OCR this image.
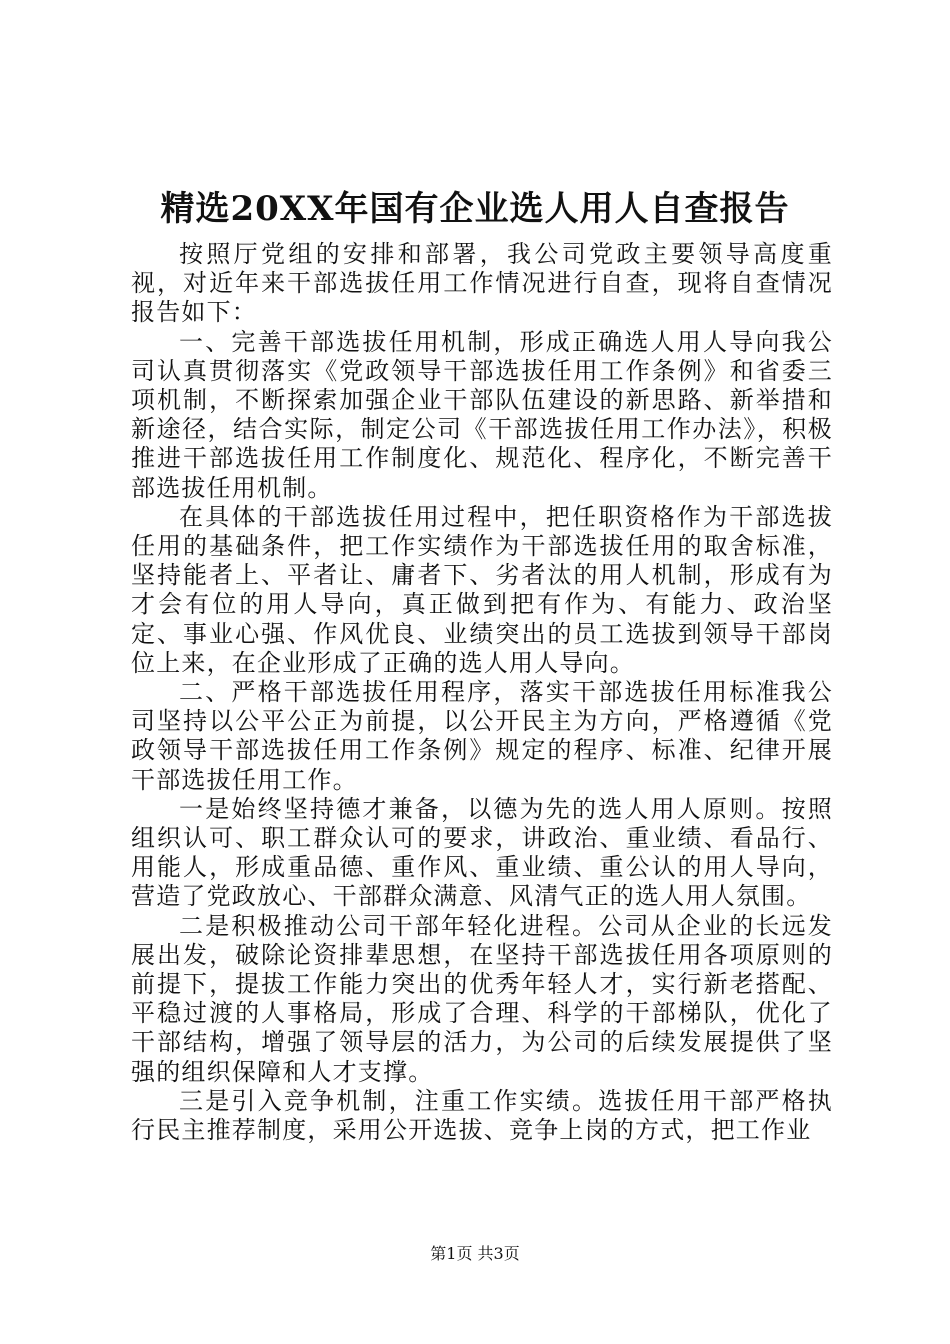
精选20XX年国有企业选人用人自查报告

按照厅党组的安排和部署，我公司党政主要领导高度重视，对近年来干部选拔任用工作情况进行自查，现将自查情况报告如下：

一、完善干部选拔任用机制，形成正确选人用人导向我公司认真贯彻落实《党政领导干部选拔任用工作条例》和省委三项机制，不断探索加强企业干部队伍建设的新思路、新举措和新途径，结合实际，制定公司《干部选拔任用工作办法》，积极推进干部选拔任用工作制度化、规范化、程序化，不断完善干部选拔任用机制。

在具体的干部选拔任用过程中，把任职资格作为干部选拔任用的基础条件，把工作实绩作为干部选拔任用的取舍标准，坚持能者上、平者让、庸者下、劣者汰的用人机制，形成有为才会有位的用人导向，真正做到把有作为、有能力、政治坚定、事业心强、作风优良、业绩突出的员工选拔到领导干部岗位上来，在企业形成了正确的选人用人导向。

二、严格干部选拔任用程序，落实干部选拔任用标准我公司坚持以公平公正为前提，以公开民主为方向，严格遵循《党政领导干部选拔任用工作条例》规定的程序、标准、纪律开展干部选拔任用工作。

一是始终坚持德才兼备，以德为先的选人用人原则。按照组织认可、职工群众认可的要求，讲政治、重业绩、看品行、用能人，形成重品德、重作风、重业绩、重公认的用人导向，营造了党政放心、干部群众满意、风清气正的选人用人氛围。

二是积极推动公司干部年轻化进程。公司从企业的长远发展出发，破除论资排辈思想，在坚持干部选拔任用各项原则的前提下，提拔工作能力突出的优秀年轻人才，实行新老搭配、平稳过渡的人事格局，形成了合理、科学的干部梯队，优化了干部结构，增强了领导层的活力，为公司的后续发展提供了坚强的组织保障和人才支撑。

三是引入竞争机制，注重工作实绩。选拔任用干部严格执行民主推荐制度，采用公开选拔、竞争上岗的方式，把工作业

第1页 共3页
